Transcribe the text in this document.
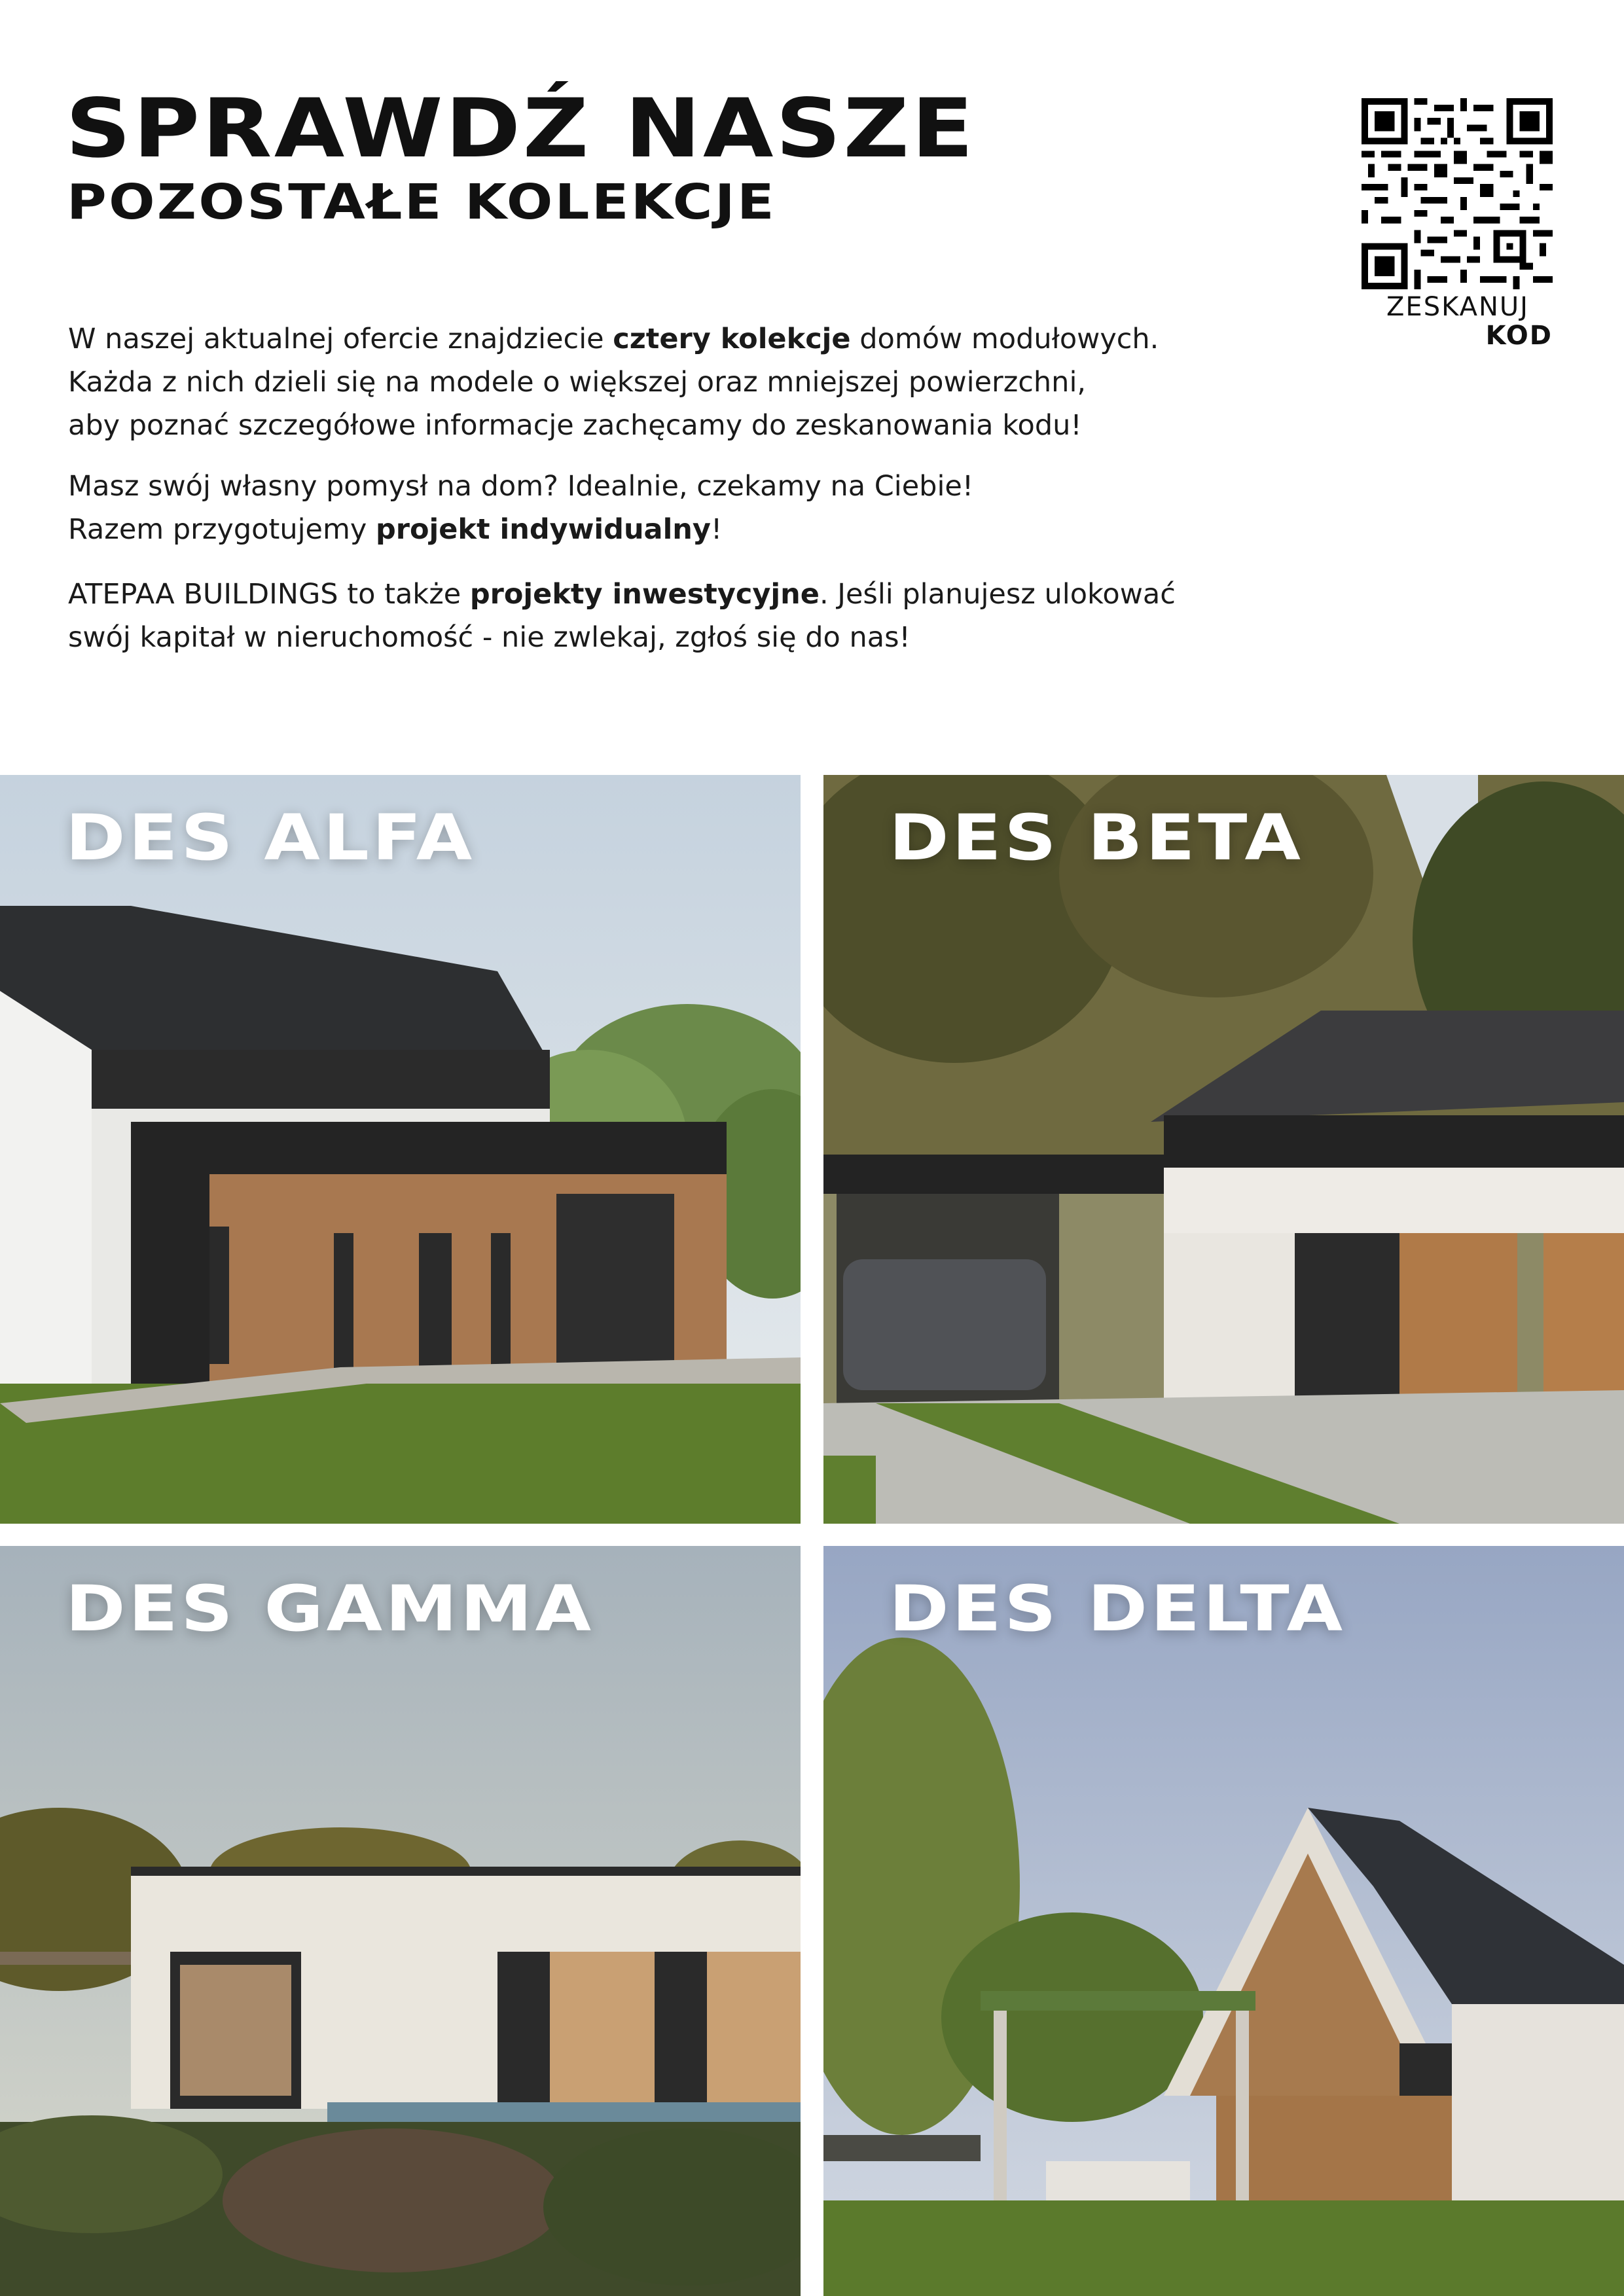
SPRAWDŹ NASZE
POZOSTAŁE KOLEKCJE
ZESKANUJ
KOD

W naszej aktualnej ofercie znajdziecie cztery kolekcje domów modułowych.
Każda z nich dzieli się na modele o większej oraz mniejszej powierzchni,
aby poznać szczegółowe informacje zachęcamy do zeskanowania kodu!

Masz swój własny pomysł na dom? Idealnie, czekamy na Ciebie!
Razem przygotujemy projekt indywidualny!

ATEPAA BUILDINGS to także projekty inwestycyjne. Jeśli planujesz ulokować
swój kapitał w nieruchomość - nie zwlekaj, zgłoś się do nas!

DES ALFA	DES BETA
DES GAMMA	DES DELTA
